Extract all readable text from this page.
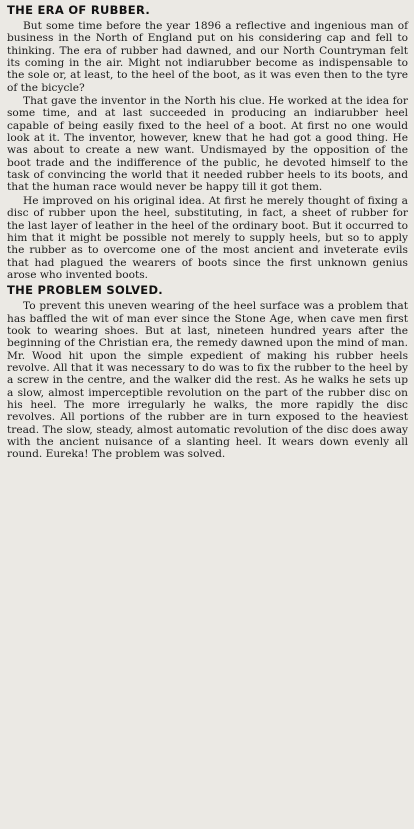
THE ERA OF RUBBER.

But some time before the year 1896 a reflective and ingenious man of business in the North of England put on his considering cap and fell to thinking. The era of rubber had dawned, and our North Countryman felt its coming in the air. Might not indiarubber become as indispensable to the sole or, at least, to the heel of the boot, as it was even then to the tyre of the bicycle?

That gave the inventor in the North his clue. He worked at the idea for some time, and at last succeeded in producing an indiarubber heel capable of being easily fixed to the heel of a boot. At first no one would look at it. The inventor, however, knew that he had got a good thing. He was about to create a new want. Undismayed by the opposition of the boot trade and the indifference of the public, he devoted himself to the task of convincing the world that it needed rubber heels to its boots, and that the human race would never be happy till it got them.

He improved on his original idea. At first he merely thought of fixing a disc of rubber upon the heel, substituting, in fact, a sheet of rubber for the last layer of leather in the heel of the ordinary boot. But it occurred to him that it might be possible not merely to supply heels, but so to apply the rubber as to overcome one of the most ancient and inveterate evils that had plagued the wearers of boots since the first unknown genius arose who invented boots.

THE PROBLEM SOLVED.

To prevent this uneven wearing of the heel surface was a problem that has baffled the wit of man ever since the Stone Age, when cave men first took to wearing shoes. But at last, nineteen hundred years after the beginning of the Christian era, the remedy dawned upon the mind of man. Mr. Wood hit upon the simple expedient of making his rubber heels revolve. All that it was necessary to do was to fix the rubber to the heel by a screw in the centre, and the walker did the rest. As he walks he sets up a slow, almost imperceptible revolution on the part of the rubber disc on his heel. The more irregularly he walks, the more rapidly the disc revolves. All portions of the rubber are in turn exposed to the heaviest tread. The slow, steady, almost automatic revolution of the disc does away with the ancient nuisance of a slanting heel. It wears down evenly all round. Eureka! The problem was solved.
